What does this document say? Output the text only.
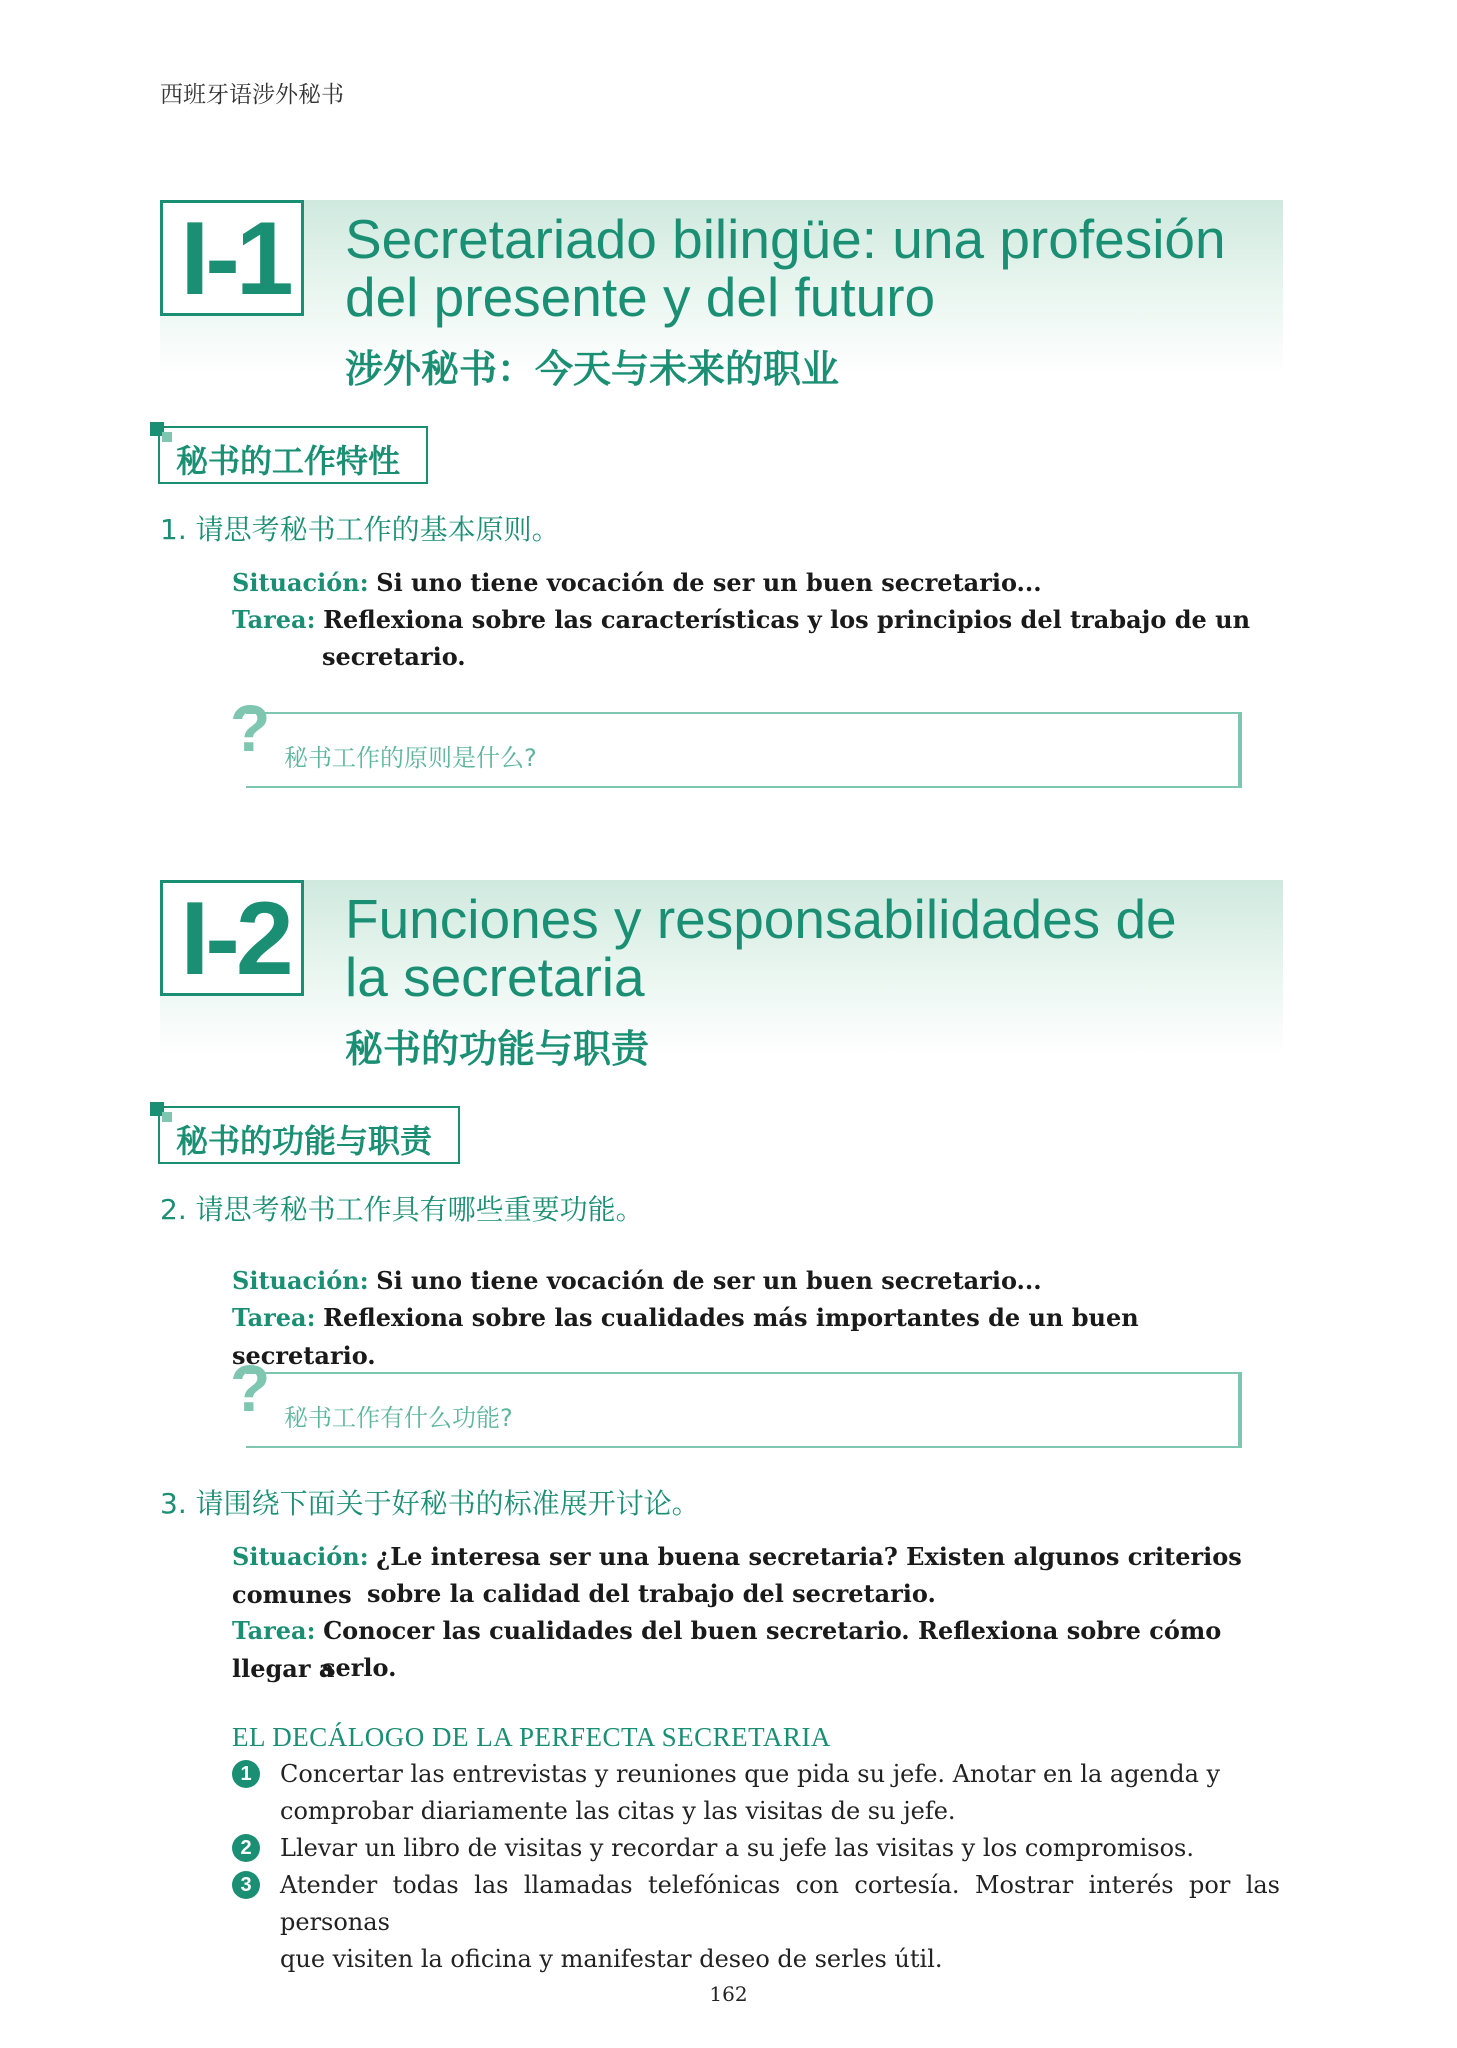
西班牙语涉外秘书
I-1	Secretariado bilingüe: una profesión
del presente y del futuro
涉外秘书：今天与未来的职业
秘书的工作特性
1. 请思考秘书工作的基本原则。
Situación: Si uno tiene vocación de ser un buen secretario...
Tarea: Reflexiona sobre las características y los principios del trabajo de un
secretario.
? 秘书工作的原则是什么?
I-2	Funciones y responsabilidades de
la secretaria
秘书的功能与职责
秘书的功能与职责
2. 请思考秘书工作具有哪些重要功能。
Situación: Si uno tiene vocación de ser un buen secretario...
Tarea: Reflexiona sobre las cualidades más importantes de un buen secretario.
? 秘书工作有什么功能?
3. 请围绕下面关于好秘书的标准展开讨论。
Situación: ¿Le interesa ser una buena secretaria? Existen algunos criterios comunes sobre la calidad del trabajo del secretario.
Tarea: Conocer las cualidades del buen secretario. Reflexiona sobre cómo llegar a
serlo.
EL DECÁLOGO DE LA PERFECTA SECRETARIA
1	Concertar las entrevistas y reuniones que pida su jefe. Anotar en la agenda y
comprobar diariamente las citas y las visitas de su jefe.
2	Llevar un libro de visitas y recordar a su jefe las visitas y los compromisos.
3	Atender todas las llamadas telefónicas con cortesía. Mostrar interés por las personas
que visiten la oficina y manifestar deseo de serles útil.
162
